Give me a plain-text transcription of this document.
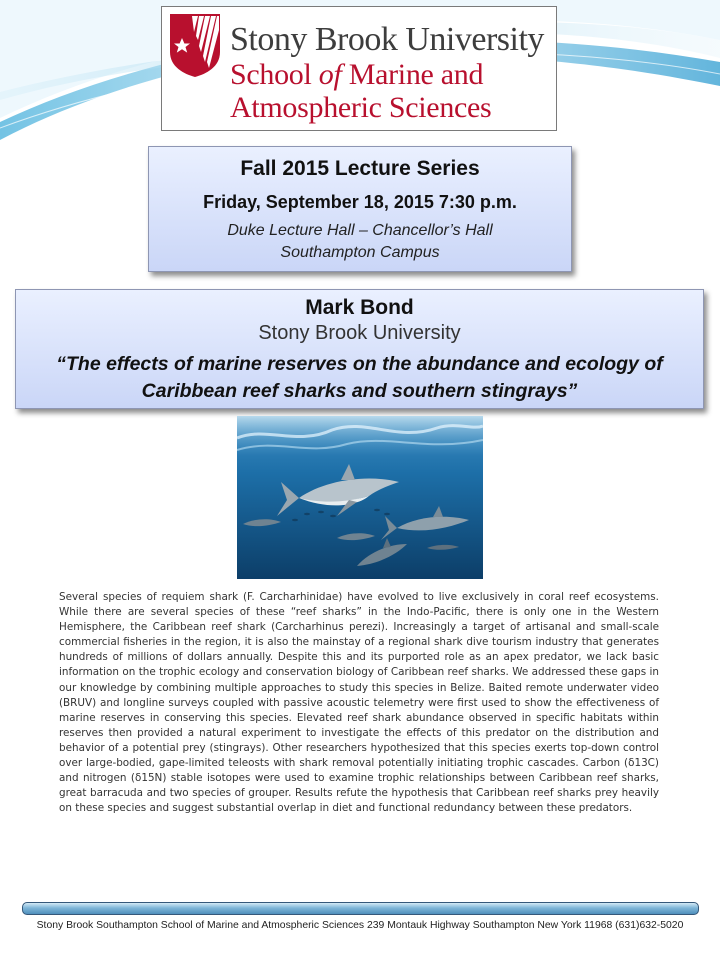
Stony Brook University
School of Marine and
Atmospheric Sciences
Fall 2015 Lecture Series
Friday, September 18, 2015 7:30 p.m.
Duke Lecture Hall – Chancellor’s Hall
Southampton Campus
Mark Bond
Stony Brook University
“The effects of marine reserves on the abundance and ecology of Caribbean reef sharks and southern stingrays”

Several species of requiem shark (F. Carcharhinidae) have evolved to live exclusively in coral reef ecosystems. While there are several species of these “reef sharks” in the Indo-Pacific, there is only one in the Western Hemisphere, the Caribbean reef shark (Carcharhinus perezi). Increasingly a target of artisanal and small-scale commercial fisheries in the region, it is also the mainstay of a regional shark dive tourism industry that generates hundreds of millions of dollars annually. Despite this and its purported role as an apex predator, we lack basic information on the trophic ecology and conservation biology of Caribbean reef sharks. We addressed these gaps in our knowledge by combining multiple approaches to study this species in Belize. Baited remote underwater video (BRUV) and longline surveys coupled with passive acoustic telemetry were first used to show the effectiveness of marine reserves in conserving this species. Elevated reef shark abundance observed in specific habitats within reserves then provided a natural experiment to investigate the effects of this predator on the distribution and behavior of a potential prey (stingrays). Other researchers hypothesized that this species exerts top-down control over large-bodied, gape-limited teleosts with shark removal potentially initiating trophic cascades. Carbon (δ13C) and nitrogen (δ15N) stable isotopes were used to examine trophic relationships between Caribbean reef sharks, great barracuda and two species of grouper. Results refute the hypothesis that Caribbean reef sharks prey heavily on these species and suggest substantial overlap in diet and functional redundancy between these predators.

Stony Brook Southampton School of Marine and Atmospheric Sciences 239 Montauk Highway Southampton New York 11968 (631)632-5020
